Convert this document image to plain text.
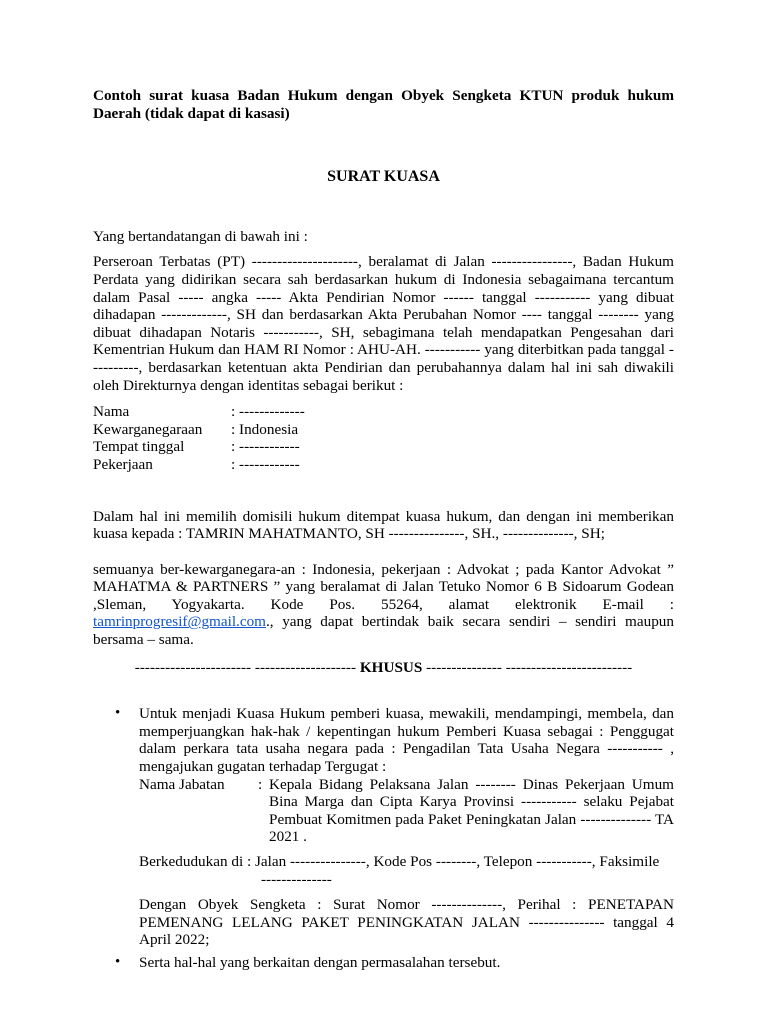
Contoh surat kuasa Badan Hukum dengan Obyek Sengketa KTUN produk hukum Daerah (tidak dapat di kasasi)
SURAT KUASA
Yang bertandatangan di bawah ini :
Perseroan Terbatas (PT) ---------------------, beralamat di Jalan ----------------, Badan Hukum Perdata yang didirikan secara sah berdasarkan hukum di Indonesia sebagaimana tercantum dalam Pasal ----- angka ----- Akta Pendirian Nomor ------ tanggal ----------- yang dibuat dihadapan -------------, SH dan berdasarkan Akta Perubahan Nomor ---- tanggal -------- yang dibuat dihadapan Notaris -----------, SH, sebagimana telah mendapatkan Pengesahan dari Kementrian Hukum dan HAM RI Nomor : AHU-AH. ----------- yang diterbitkan pada tanggal ----------, berdasarkan ketentuan akta Pendirian dan perubahannya dalam hal ini sah diwakili oleh Direkturnya dengan identitas sebagai berikut :
Nama	: -------------
Kewarganegaraan	: Indonesia
Tempat tinggal	: ------------
Pekerjaan	: ------------
Dalam hal ini memilih domisili hukum ditempat kuasa hukum, dan dengan ini memberikan kuasa kepada : TAMRIN MAHATMANTO, SH ---------------, SH., --------------, SH;
semuanya ber-kewarganegara-an : Indonesia, pekerjaan : Advokat ; pada Kantor Advokat ” MAHATMA & PARTNERS ” yang beralamat di Jalan Tetuko Nomor 6 B Sidoarum Godean ,Sleman, Yogyakarta. Kode Pos. 55264, alamat elektronik E-mail : tamrinprogresif@gmail.com., yang dapat bertindak baik secara sendiri – sendiri maupun bersama – sama.
----------------------- -------------------- KHUSUS --------------- -------------------------
• Untuk menjadi Kuasa Hukum pemberi kuasa, mewakili, mendampingi, membela, dan memperjuangkan hak-hak / kepentingan hukum Pemberi Kuasa sebagai : Penggugat dalam perkara tata usaha negara pada : Pengadilan Tata Usaha Negara ----------- , mengajukan gugatan terhadap Tergugat :
Nama Jabatan	: Kepala Bidang Pelaksana Jalan -------- Dinas Pekerjaan Umum Bina Marga dan Cipta Karya Provinsi ----------- selaku Pejabat Pembuat Komitmen pada Paket Peningkatan Jalan -------------- TA 2021 .
Berkedudukan di : Jalan ---------------, Kode Pos --------, Telepon -----------, Faksimile
--------------
Dengan Obyek Sengketa : Surat Nomor --------------, Perihal : PENETAPAN PEMENANG LELANG PAKET PENINGKATAN JALAN --------------- tanggal 4 April 2022;
• Serta hal-hal yang berkaitan dengan permasalahan tersebut.
